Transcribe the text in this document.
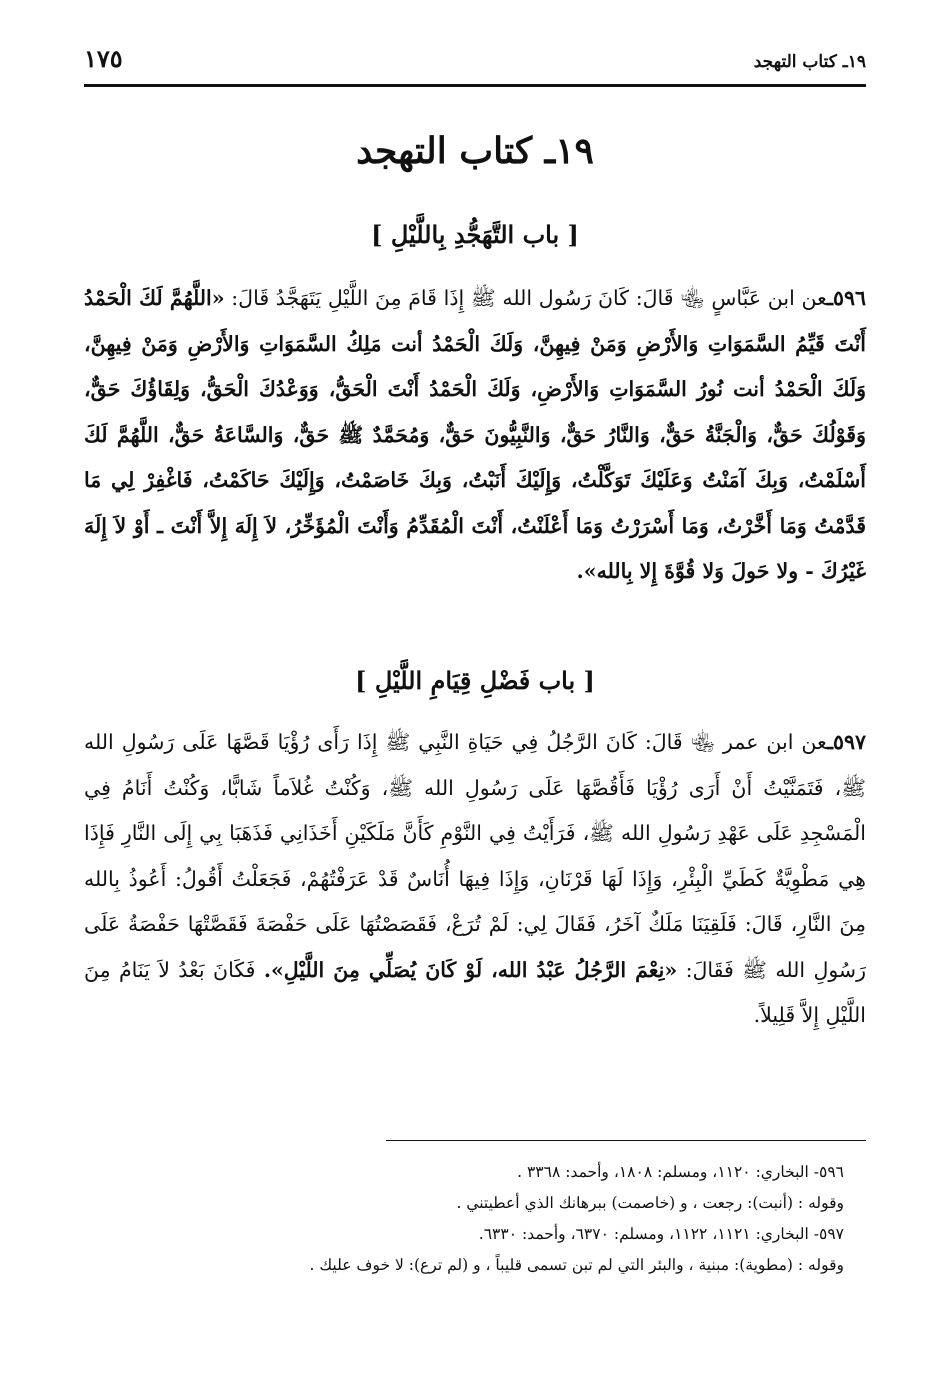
١٩ـ كتاب التهجد
١٧٥
١٩ـ كتاب التهجد
[ باب التَّهَجُّدِ بِاللَّيْلِ ]

٥٩٦ـعن ابن عَبَّاسٍ ﵄ قَالَ: كَانَ رَسُول الله ﷺ إِذَا قَامَ مِنَ اللَّيْلِ يَتَهَجَّدُ قَالَ: «اللَّهُمَّ لَكَ الْحَمْدُ أَنْتَ قَيِّمُ السَّمَوَاتِ وَالأَرْضِ وَمَنْ فِيهِنَّ، وَلَكَ الْحَمْدُ أنت مَلِكُ السَّمَوَاتِ وَالأَرْضِ وَمَنْ فِيهِنَّ، وَلَكَ الْحَمْدُ أنت نُورُ السَّمَوَاتِ وَالأَرْضِ، وَلَكَ الْحَمْدُ أَنْتَ الْحَقُّ، وَوَعْدُكَ الْحَقُّ، وَلِقَاؤُكَ حَقٌّ، وَقَوْلُكَ حَقٌّ، وَالْجَنَّةُ حَقٌّ، وَالنَّارُ حَقٌّ، وَالنَّبِيُّونَ حَقٌّ، وَمُحَمَّدٌ ﷺ حَقٌّ، وَالسَّاعَةُ حَقٌّ، اللَّهُمَّ لَكَ أَسْلَمْتُ، وَبِكَ آمَنْتُ وَعَلَيْكَ تَوَكَّلْتُ، وَإِلَيْكَ أَنَبْتُ، وَبِكَ خَاصَمْتُ، وَإِلَيْكَ حَاكَمْتُ، فَاغْفِرْ لِي مَا قَدَّمْتُ وَمَا أَخَّرْتُ، وَمَا أَسْرَرْتُ وَمَا أَعْلَنْتُ، أَنْتَ الْمُقَدِّمُ وَأَنْتَ الْمُؤَخِّرُ، لاَ إِلَهَ إِلاَّ أَنْتَ ـ أَوْ لاَ إِلَهَ غَيْرُكَ - ولا حَولَ وَلا قُوَّةَ إِلا بِالله».

[ باب فَضْلِ قِيَامِ اللَّيْلِ ]

٥٩٧ـعن ابن عمر ﵄ قَالَ: كَانَ الرَّجُلُ فِي حَيَاةِ النَّبِي ﷺ إِذَا رَأَى رُؤْيَا قَصَّهَا عَلَى رَسُولِ الله ﷺ، فَتَمَنَّيْتُ أَنْ أَرَى رُؤْيَا فَأَقُصَّهَا عَلَى رَسُولِ الله ﷺ، وَكُنْتُ غُلاَماً شَابًّا، وَكُنْتُ أَنَامُ فِي الْمَسْجِدِ عَلَى عَهْدِ رَسُولِ الله ﷺ، فَرَأَيْتُ فِي النَّوْمِ كَأَنَّ مَلَكَيْنِ أَخَذَانِي فَذَهَبَا بِي إِلَى النَّارِ فَإِذَا هِي مَطْوِيَّةٌ كَطَيِّ الْبِئْرِ، وَإِذَا لَهَا قَرْنَانِ، وَإِذَا فِيهَا أُنَاسٌ قَدْ عَرَفْتُهُمْ، فَجَعَلْتُ أَقُولُ: أَعُوذُ بِالله مِنَ النَّارِ، قَالَ: فَلَقِيَنَا مَلَكٌ آخَرُ، فَقَالَ لِي: لَمْ تُرَعْ، فَقَصَصْتُهَا عَلَى حَفْصَةَ فَقَصَّتْهَا حَفْصَةُ عَلَى رَسُولِ الله ﷺ فَقَالَ: «نِعْمَ الرَّجُلُ عَبْدُ الله، لَوْ كَانَ يُصَلِّي مِنَ اللَّيْلِ». فَكَانَ بَعْدُ لاَ يَنَامُ مِنَ اللَّيْلِ إِلاَّ قَلِيلاً.

٥٩٦- البخاري: ١١٢٠، ومسلم: ١٨٠٨، وأحمد: ٣٣٦٨ .
وقوله : (أنبت): رجعت ، و (خاصمت) ببرهانك الذي أعطيتني .
٥٩٧- البخاري: ١١٢١، ١١٢٢، ومسلم: ٦٣٧٠، وأحمد: ٦٣٣٠.
وقوله : (مطوية): مبنية ، والبئر التي لم تبن تسمى قليباً ، و (لم ترع): لا خوف عليك .
